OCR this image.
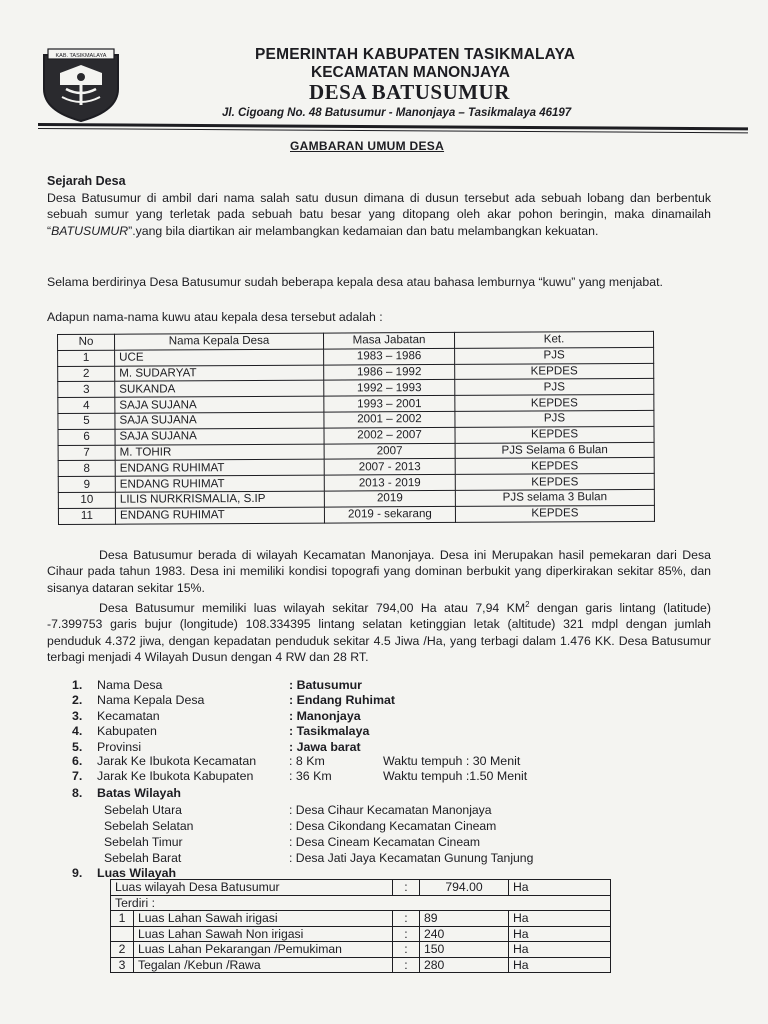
KAB. TASIKMALAYA	PEMERINTAH KABUPATEN TASIKMALAYA
KECAMATAN MANONJAYA
DESA BATUSUMUR
Jl. Cigoang No. 48 Batusumur - Manonjaya – Tasikmalaya 46197
GAMBARAN UMUM DESA
Sejarah Desa
Desa Batusumur di ambil dari nama salah satu dusun dimana di dusun tersebut ada sebuah lobang dan berbentuk sebuah sumur yang terletak pada sebuah batu besar yang ditopang oleh akar pohon beringin, maka dinamailah “BATUSUMUR”.yang bila diartikan air melambangkan kedamaian dan batu melambangkan kekuatan.
Selama berdirinya Desa Batusumur sudah beberapa kepala desa atau bahasa lemburnya “kuwu” yang menjabat.
Adapun nama-nama kuwu atau kepala desa tersebut adalah :
No	Nama Kepala Desa	Masa Jabatan	Ket.
1	UCE	1983 – 1986	PJS
2	M. SUDARYAT	1986 – 1992	KEPDES
3	SUKANDA	1992 – 1993	PJS
4	SAJA SUJANA	1993 – 2001	KEPDES
5	SAJA SUJANA	2001 – 2002	PJS
6	SAJA SUJANA	2002 – 2007	KEPDES
7	M. TOHIR	2007	PJS Selama 6 Bulan
8	ENDANG RUHIMAT	2007 - 2013	KEPDES
9	ENDANG RUHIMAT	2013 - 2019	KEPDES
10	LILIS NURKRISMALIA, S.IP	2019	PJS selama 3 Bulan
11	ENDANG RUHIMAT	2019 - sekarang	KEPDES
Desa Batusumur berada di wilayah Kecamatan Manonjaya. Desa ini Merupakan hasil pemekaran dari Desa Cihaur pada tahun 1983. Desa ini memiliki kondisi topografi yang dominan berbukit yang diperkirakan sekitar 85%, dan sisanya dataran sekitar 15%.
Desa Batusumur memiliki luas wilayah sekitar 794,00 Ha atau 7,94 $KM^2$ dengan garis lintang (latitude) -7.399753 garis bujur (longitude) 108.334395 lintang selatan ketinggian letak (altitude) 321 mdpl dengan jumlah penduduk 4.372 jiwa, dengan kepadatan penduduk sekitar 4.5 Jiwa /Ha, yang terbagi dalam 1.476 KK. Desa Batusumur terbagi menjadi 4 Wilayah Dusun dengan 4 RW dan 28 RT.
1. Nama Desa	: Batusumur
2. Nama Kepala Desa	: Endang Ruhimat
3. Kecamatan	: Manonjaya
4. Kabupaten	: Tasikmalaya
5. Provinsi	: Jawa barat
6. Jarak Ke Ibukota Kecamatan	: 8 Km	Waktu tempuh : 30 Menit
7. Jarak Ke Ibukota Kabupaten	: 36 Km	Waktu tempuh :1.50 Menit
8. Batas Wilayah
Sebelah Utara	: Desa Cihaur Kecamatan Manonjaya
Sebelah Selatan	: Desa Cikondang Kecamatan Cineam
Sebelah Timur	: Desa Cineam Kecamatan Cineam
Sebelah Barat	: Desa Jati Jaya Kecamatan Gunung Tanjung
9. Luas Wilayah
Luas wilayah Desa Batusumur		:	794.00	Ha
Terdiri :				
1	Luas Lahan Sawah irigasi	:	89	Ha
	Luas Lahan Sawah Non irigasi	:	240	Ha
2	Luas Lahan Pekarangan /Pemukiman	:	150	Ha
3	Tegalan /Kebun /Rawa	:	280	Ha
